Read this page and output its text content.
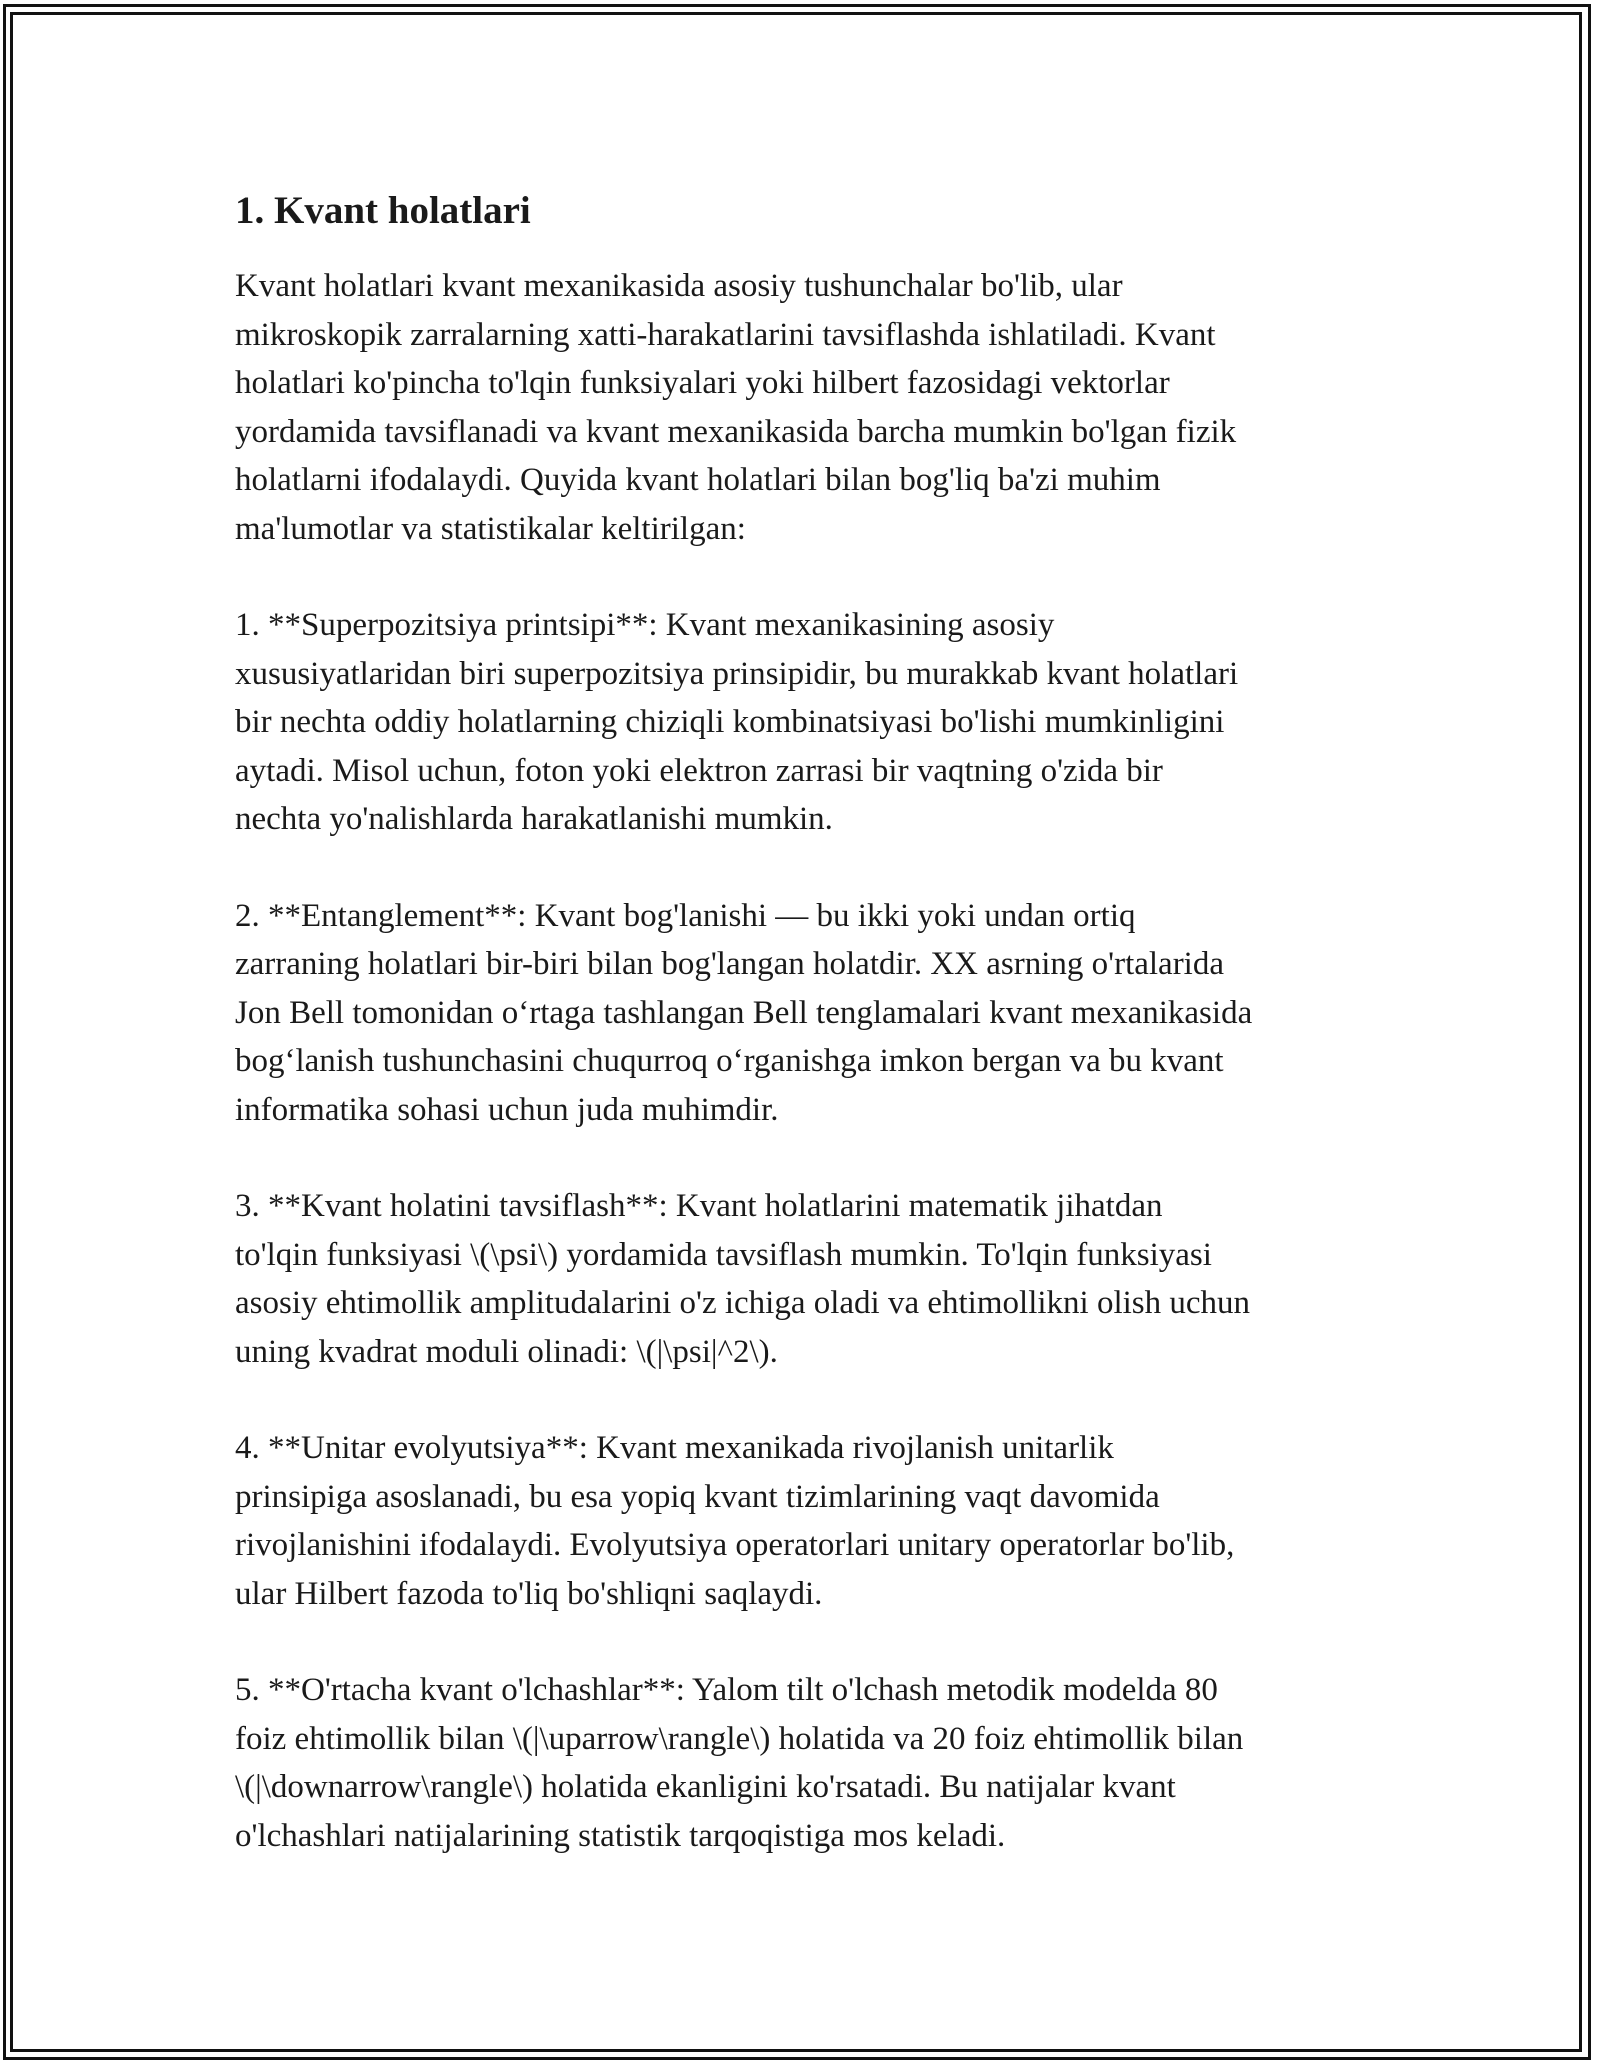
1. Kvant holatlari

Kvant holatlari kvant mexanikasida asosiy tushunchalar bo'lib, ular
mikroskopik zarralarning xatti-harakatlarini tavsiflashda ishlatiladi. Kvant
holatlari ko'pincha to'lqin funksiyalari yoki hilbert fazosidagi vektorlar
yordamida tavsiflanadi va kvant mexanikasida barcha mumkin bo'lgan fizik
holatlarni ifodalaydi. Quyida kvant holatlari bilan bog'liq ba'zi muhim
ma'lumotlar va statistikalar keltirilgan:

1. **Superpozitsiya printsipi**: Kvant mexanikasining asosiy
xususiyatlaridan biri superpozitsiya prinsipidir, bu murakkab kvant holatlari
bir nechta oddiy holatlarning chiziqli kombinatsiyasi bo'lishi mumkinligini
aytadi. Misol uchun, foton yoki elektron zarrasi bir vaqtning o'zida bir
nechta yo'nalishlarda harakatlanishi mumkin.

2. **Entanglement**: Kvant bog'lanishi — bu ikki yoki undan ortiq
zarraning holatlari bir-biri bilan bog'langan holatdir. XX asrning o'rtalarida
Jon Bell tomonidan oʻrtaga tashlangan Bell tenglamalari kvant mexanikasida
bogʻlanish tushunchasini chuqurroq oʻrganishga imkon bergan va bu kvant
informatika sohasi uchun juda muhimdir.

3. **Kvant holatini tavsiflash**: Kvant holatlarini matematik jihatdan
to'lqin funksiyasi \(\psi\) yordamida tavsiflash mumkin. To'lqin funksiyasi
asosiy ehtimollik amplitudalarini o'z ichiga oladi va ehtimollikni olish uchun
uning kvadrat moduli olinadi: \(|\psi|^2\).

4. **Unitar evolyutsiya**: Kvant mexanikada rivojlanish unitarlik
prinsipiga asoslanadi, bu esa yopiq kvant tizimlarining vaqt davomida
rivojlanishini ifodalaydi. Evolyutsiya operatorlari unitary operatorlar bo'lib,
ular Hilbert fazoda to'liq bo'shliqni saqlaydi.

5. **O'rtacha kvant o'lchashlar**: Yalom tilt o'lchash metodik modelda 80
foiz ehtimollik bilan \(|\uparrow\rangle\) holatida va 20 foiz ehtimollik bilan
\(|\downarrow\rangle\) holatida ekanligini ko'rsatadi. Bu natijalar kvant
o'lchashlari natijalarining statistik tarqoqistiga mos keladi.
